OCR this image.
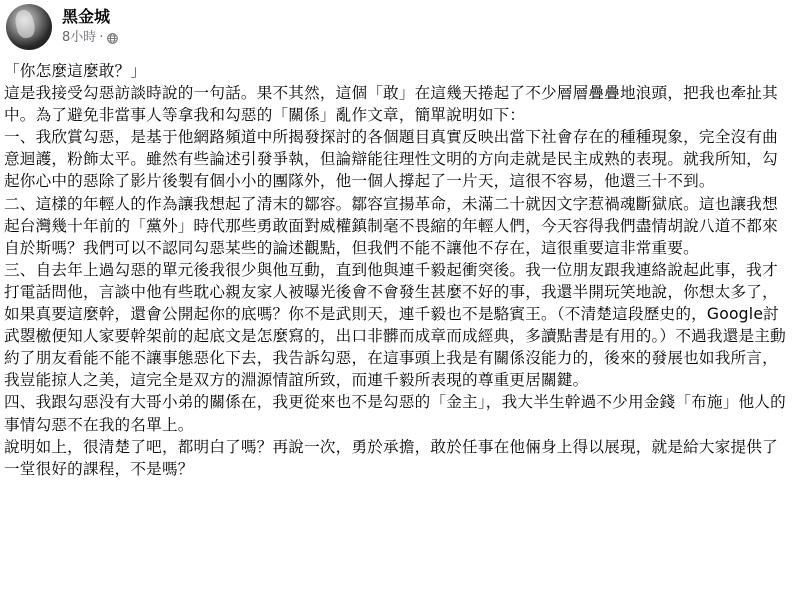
黑金城
8小時 ·

「你怎麼這麼敢？」

這是我接受勾惡訪談時說的一句話。果不其然，這個「敢」在這幾天捲起了不少層層疊疊地浪頭，把我也牽扯其中。為了避免非當事人等拿我和勾惡的「關係」亂作文章，簡單說明如下：

一、我欣賞勾惡，是基于他網路頻道中所揭發探討的各個題目真實反映出當下社會存在的種種現象，完全沒有曲意迴護，粉飾太平。雖然有些論述引發爭執，但論辯能往理性文明的方向走就是民主成熟的表現。就我所知，勾起你心中的惡除了影片後製有個小小的團隊外，他一個人撐起了一片天，這很不容易，他還三十不到。

二、這樣的年輕人的作為讓我想起了清末的鄒容。鄒容宣揚革命，未滿二十就因文字惹禍魂斷獄底。這也讓我想起台灣幾十年前的「黨外」時代那些勇敢面對威權鎮制毫不畏縮的年輕人們，今天容得我們盡情胡說八道不都來自於斯嗎？我們可以不認同勾惡某些的論述觀點，但我們不能不讓他不存在，這很重要這非常重要。

三、自去年上過勾惡的單元後我很少與他互動，直到他與連千毅起衝突後。我一位朋友跟我連絡說起此事，我才打電話問他，言談中他有些耽心親友家人被曝光後會不會發生甚麼不好的事，我還半開玩笑地說，你想太多了，如果真要這麼幹，還會公開起你的底嗎？你不是武則天，連千毅也不是駱賓王。（不清楚這段歷史的，Google討武曌檄便知人家要幹架前的起底文是怎麼寫的，出口非髒而成章而成經典，多讀點書是有用的。）不過我還是主動約了朋友看能不能不讓事態惡化下去，我告訴勾惡，在這事頭上我是有關係沒能力的，後來的發展也如我所言，我豈能掠人之美，這完全是双方的淵源情誼所致，而連千毅所表現的尊重更居關鍵。

四、我跟勾惡没有大哥小弟的關係在，我更從來也不是勾惡的「金主」，我大半生幹過不少用金錢「布施」他人的事情勾惡不在我的名單上。

說明如上，很清楚了吧，都明白了嗎？再說一次，勇於承擔，敢於任事在他倆身上得以展現，就是給大家提供了一堂很好的課程，不是嗎？
